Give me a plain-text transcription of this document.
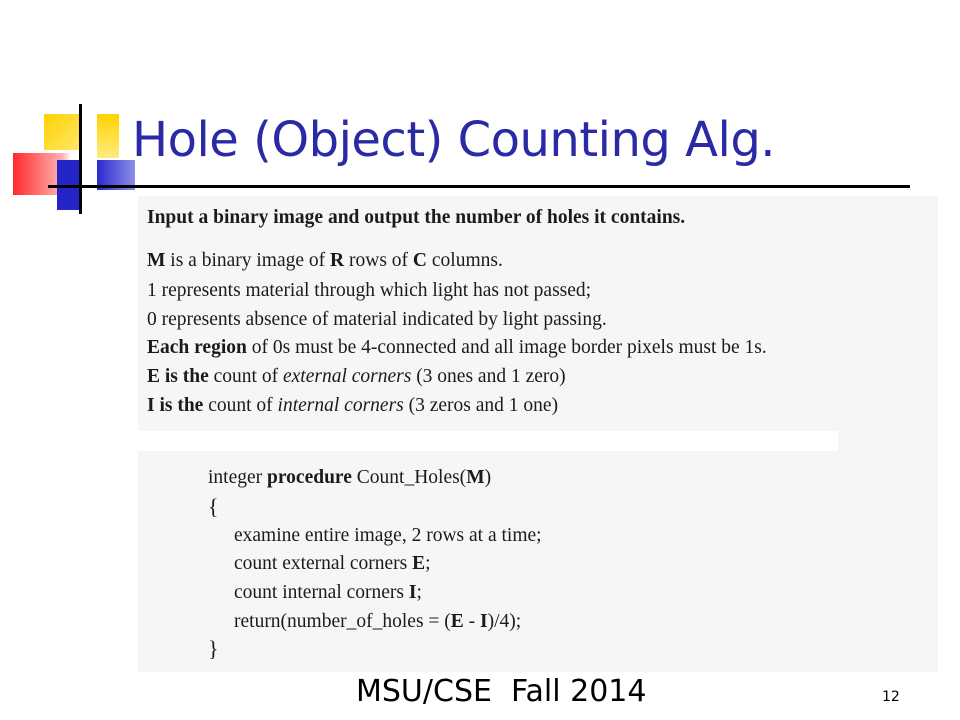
Hole (Object) Counting Alg.
Input a binary image and output the number of holes it contains.
M is a binary image of R rows of C columns.
1 represents material through which light has not passed;
0 represents absence of material indicated by light passing.
Each region of 0s must be 4-connected and all image border pixels must be 1s.
E is the count of external corners (3 ones and 1 zero)
I is the count of internal corners (3 zeros and 1 one)
integer procedure Count_Holes(M)
{
examine entire image, 2 rows at a time;
count external corners E;
count internal corners I;
return(number_of_holes = (E - I)/4);
}
MSU/CSE  Fall 2014	12
